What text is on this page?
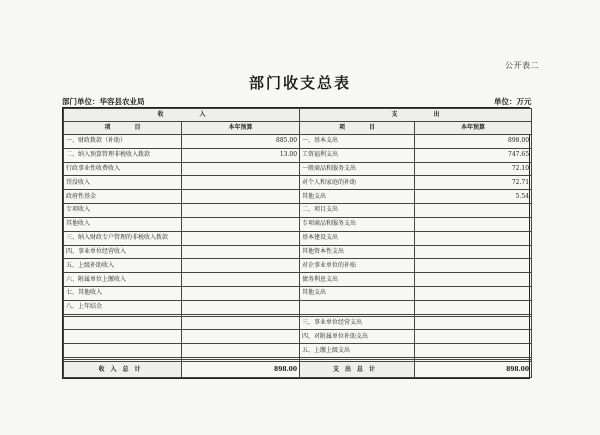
公开表二
部门收支总表
部门单位：华容县农业局	单位：万元
收　　　　　　入		支　　　　　　出	
项　　　　目	本年预算	项　　　　目	本年预算
一、财政拨款（补助）	885.00	一、基本支出	898.00
二、纳入预算管理非税收入拨款	13.00	工资福利支出	747.65
行政事业性收费收入		一般商品和服务支出	72.10
罚没收入		对个人和家庭的补助	72.71
政府性基金		其他支出	5.54
专项收入		二、项目支出	
其他收入		专项商品和服务支出	
三、纳入财政专户管理的非税收入拨款		基本建设支出	
四、事业单位经营收入		其他资本性支出	
五、上级补助收入		对企事业单位的补贴	
六、附属单位上缴收入		债务利息支出	
七、其他收入		其他支出	
八、上年结余			

		三、事业单位经营支出	
		四、对附属单位补助支出	
		五、上缴上级支出	

收入总计	898.00	支出总计	898.00
